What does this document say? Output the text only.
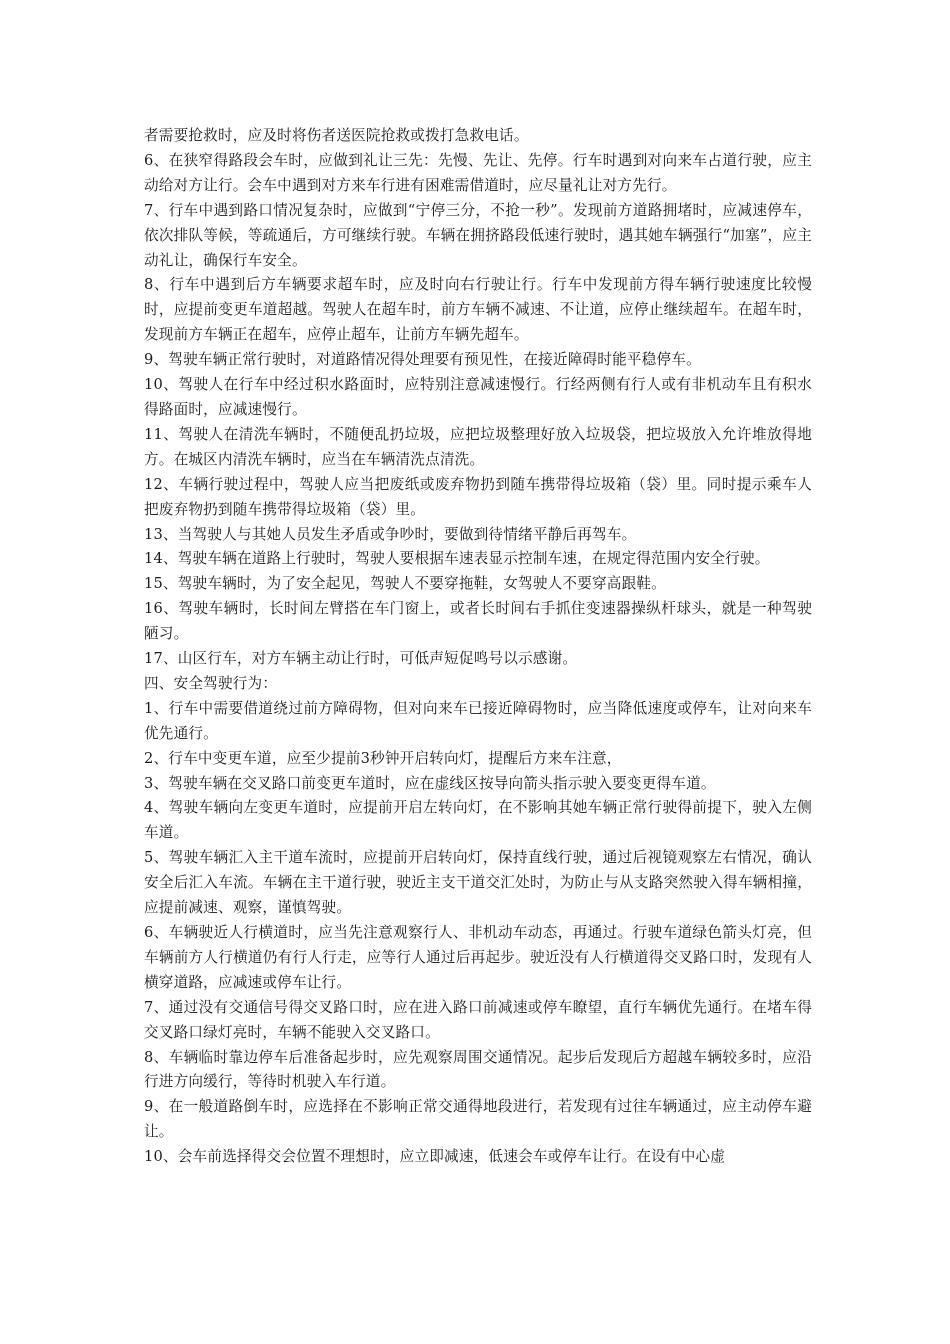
者需要抢救时，应及时将伤者送医院抢救或拨打急救电话。

6、在狭窄得路段会车时，应做到礼让三先：先慢、先让、先停。行车时遇到对向来车占道行驶，应主动给对方让行。会车中遇到对方来车行进有困难需借道时，应尽量礼让对方先行。

7、行车中遇到路口情况复杂时，应做到“宁停三分，不抢一秒”。发现前方道路拥堵时，应减速停车，依次排队等候，等疏通后，方可继续行驶。车辆在拥挤路段低速行驶时，遇其她车辆强行“加塞”，应主动礼让，确保行车安全。

8、行车中遇到后方车辆要求超车时，应及时向右行驶让行。行车中发现前方得车辆行驶速度比较慢时，应提前变更车道超越。驾驶人在超车时，前方车辆不减速、不让道，应停止继续超车。在超车时，发现前方车辆正在超车，应停止超车，让前方车辆先超车。

9、驾驶车辆正常行驶时，对道路情况得处理要有预见性，在接近障碍时能平稳停车。

10、驾驶人在行车中经过积水路面时，应特别注意减速慢行。行经两侧有行人或有非机动车且有积水得路面时，应减速慢行。

11、驾驶人在清洗车辆时，不随便乱扔垃圾，应把垃圾整理好放入垃圾袋，把垃圾放入允许堆放得地方。在城区内清洗车辆时，应当在车辆清洗点清洗。

12、车辆行驶过程中，驾驶人应当把废纸或废弃物扔到随车携带得垃圾箱（袋）里。同时提示乘车人把废弃物扔到随车携带得垃圾箱（袋）里。

13、当驾驶人与其她人员发生矛盾或争吵时，要做到待情绪平静后再驾车。

14、驾驶车辆在道路上行驶时，驾驶人要根据车速表显示控制车速，在规定得范围内安全行驶。

15、驾驶车辆时，为了安全起见，驾驶人不要穿拖鞋，女驾驶人不要穿高跟鞋。

16、驾驶车辆时，长时间左臂搭在车门窗上，或者长时间右手抓住变速器操纵杆球头，就是一种驾驶陋习。

17、山区行车，对方车辆主动让行时，可低声短促鸣号以示感谢。

四、安全驾驶行为：

1、行车中需要借道绕过前方障碍物，但对向来车已接近障碍物时，应当降低速度或停车，让对向来车优先通行。

2、行车中变更车道，应至少提前3秒钟开启转向灯，提醒后方来车注意，

3、驾驶车辆在交叉路口前变更车道时，应在虚线区按导向箭头指示驶入要变更得车道。

4、驾驶车辆向左变更车道时，应提前开启左转向灯，在不影响其她车辆正常行驶得前提下，驶入左侧车道。

5、驾驶车辆汇入主干道车流时，应提前开启转向灯，保持直线行驶，通过后视镜观察左右情况，确认安全后汇入车流。车辆在主干道行驶，驶近主支干道交汇处时，为防止与从支路突然驶入得车辆相撞，应提前减速、观察，谨慎驾驶。

6、车辆驶近人行横道时，应当先注意观察行人、非机动车动态，再通过。行驶车道绿色箭头灯亮，但车辆前方人行横道仍有行人行走，应等行人通过后再起步。驶近没有人行横道得交叉路口时，发现有人横穿道路，应减速或停车让行。

7、通过没有交通信号得交叉路口时，应在进入路口前减速或停车瞭望，直行车辆优先通行。在堵车得交叉路口绿灯亮时，车辆不能驶入交叉路口。

8、车辆临时靠边停车后准备起步时，应先观察周围交通情况。起步后发现后方超越车辆较多时，应沿行进方向缓行，等待时机驶入车行道。

9、在一般道路倒车时，应选择在不影响正常交通得地段进行，若发现有过往车辆通过，应主动停车避让。

10、会车前选择得交会位置不理想时，应立即减速，低速会车或停车让行。在设有中心虚
